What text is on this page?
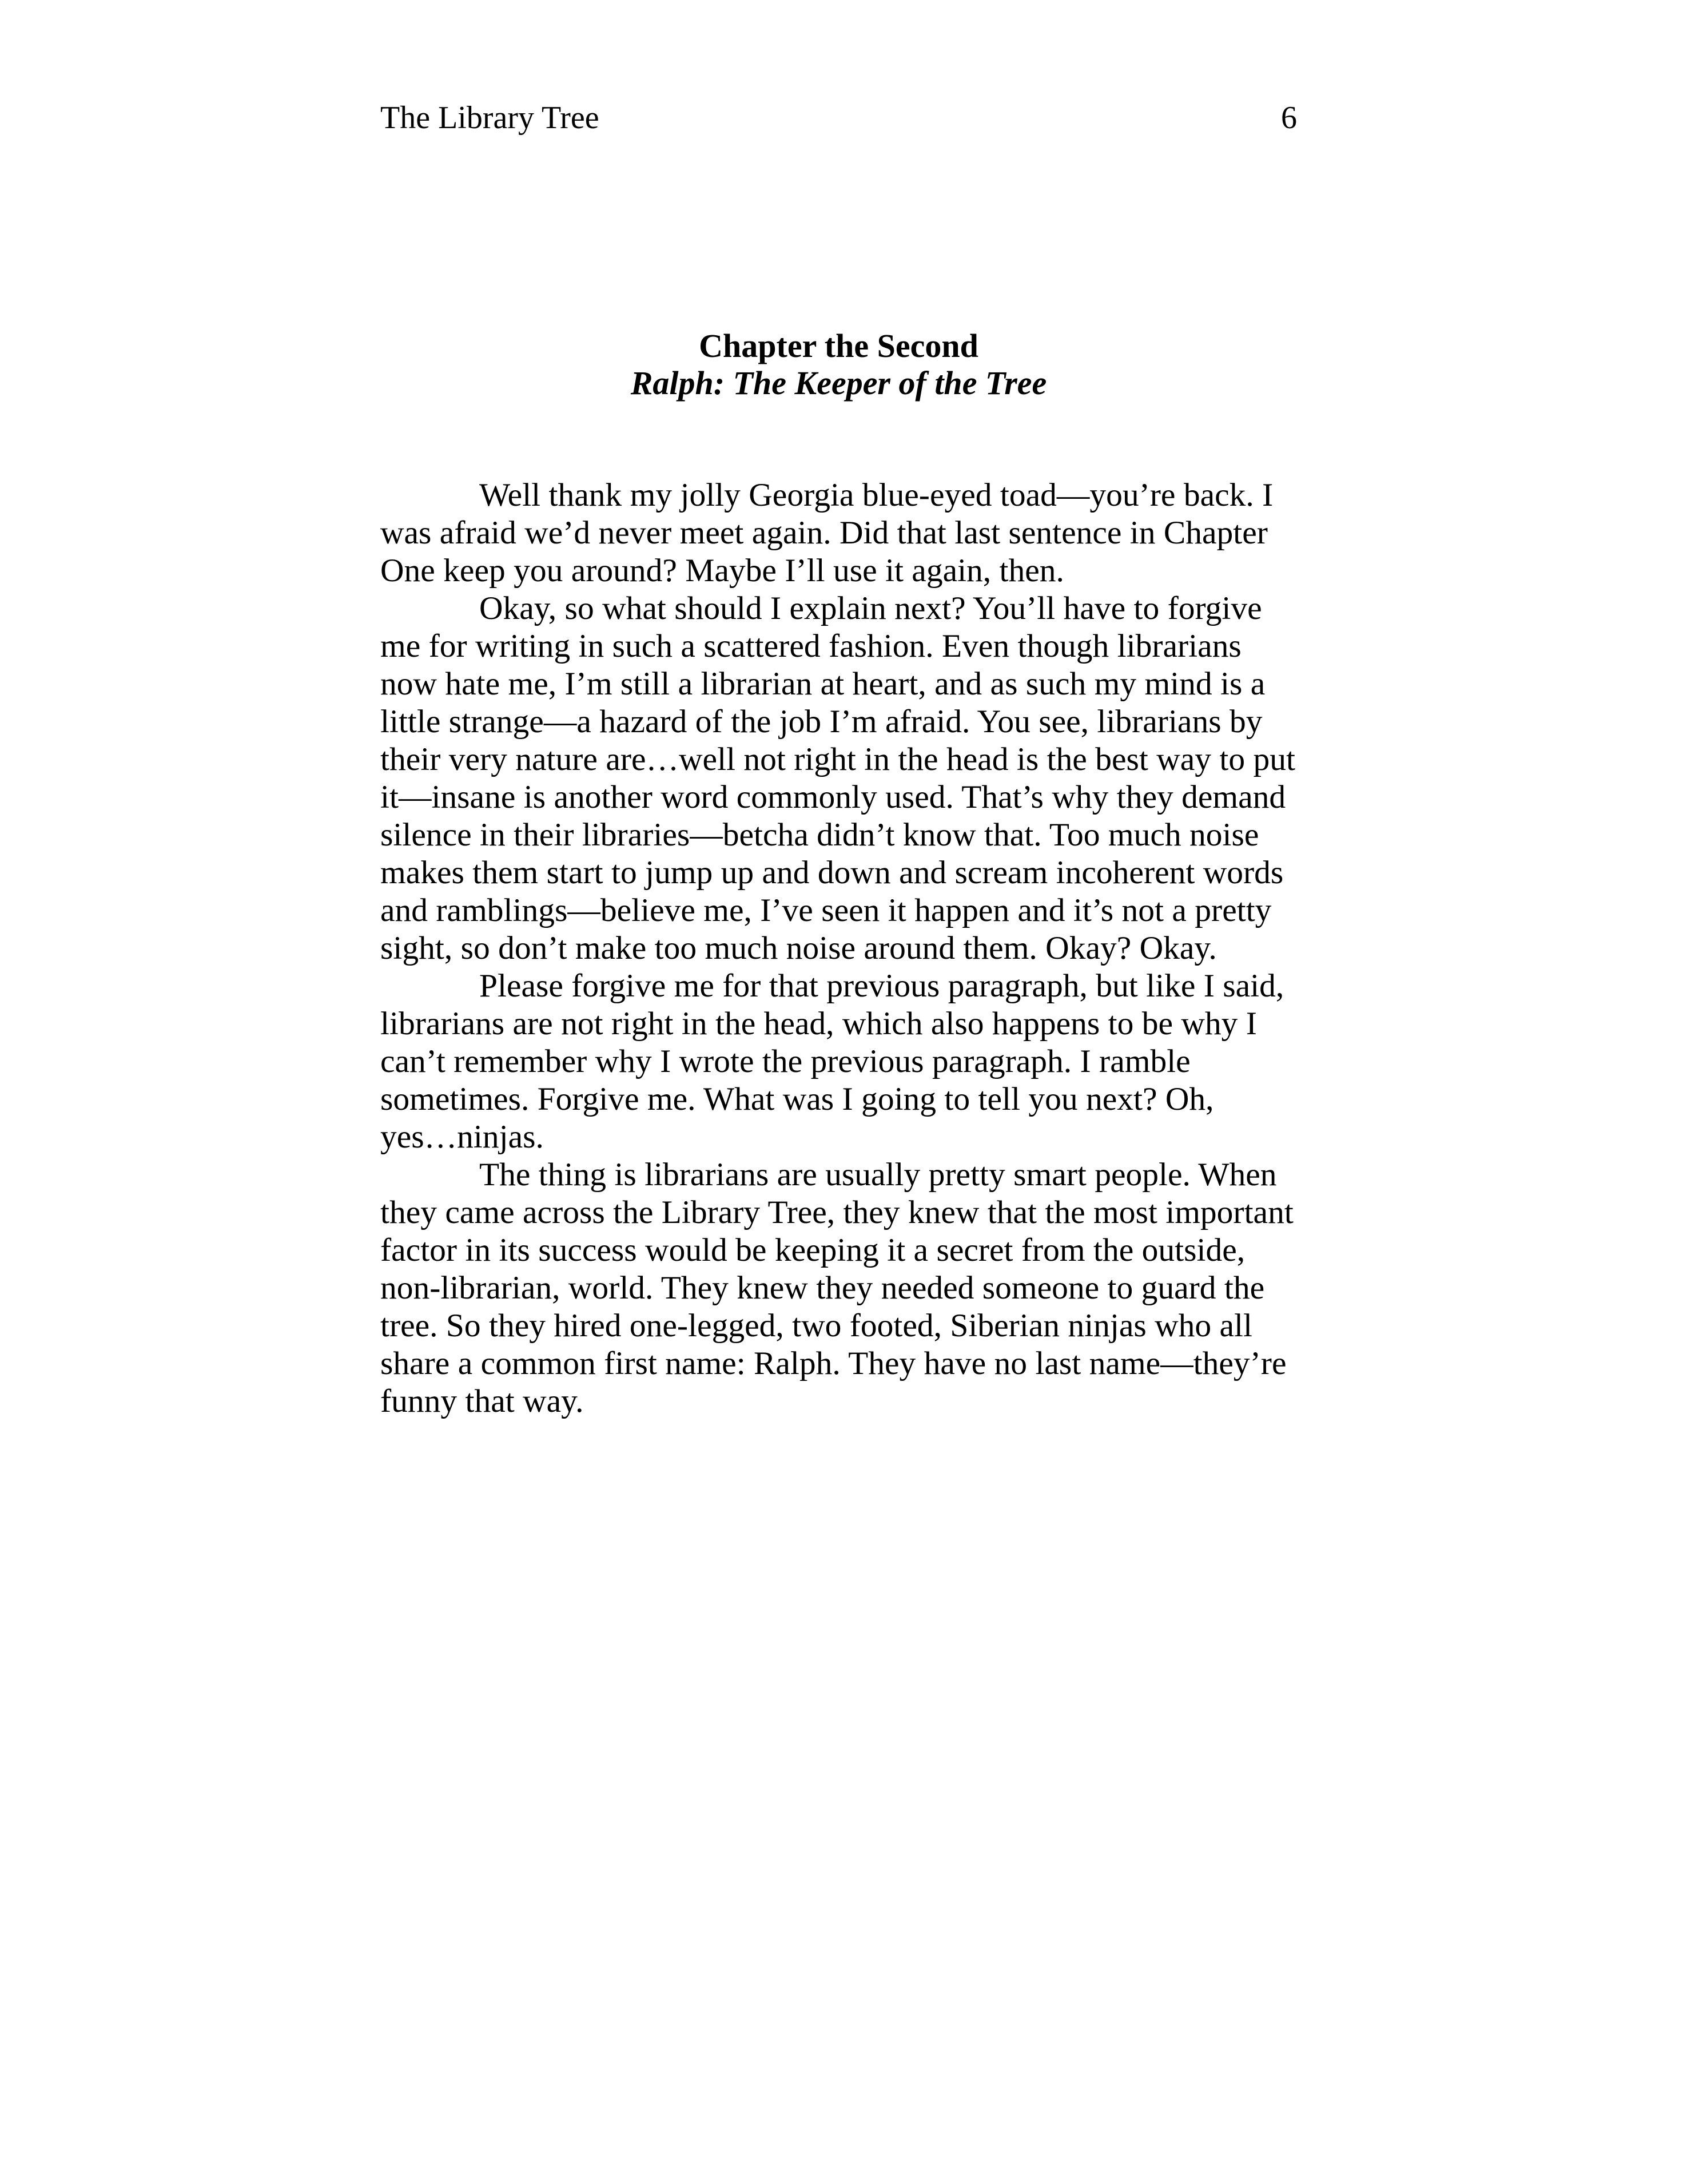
The Library Tree	6
Chapter the Second
Ralph: The Keeper of the Tree
Well thank my jolly Georgia blue-eyed toad—you’re back. I
was afraid we’d never meet again. Did that last sentence in Chapter
One keep you around? Maybe I’ll use it again, then.
Okay, so what should I explain next? You’ll have to forgive
me for writing in such a scattered fashion. Even though librarians
now hate me, I’m still a librarian at heart, and as such my mind is a
little strange—a hazard of the job I’m afraid. You see, librarians by
their very nature are…well not right in the head is the best way to put
it—insane is another word commonly used. That’s why they demand
silence in their libraries—betcha didn’t know that. Too much noise
makes them start to jump up and down and scream incoherent words
and ramblings—believe me, I’ve seen it happen and it’s not a pretty
sight, so don’t make too much noise around them. Okay? Okay.
Please forgive me for that previous paragraph, but like I said,
librarians are not right in the head, which also happens to be why I
can’t remember why I wrote the previous paragraph. I ramble
sometimes. Forgive me. What was I going to tell you next? Oh,
yes…ninjas.
The thing is librarians are usually pretty smart people. When
they came across the Library Tree, they knew that the most important
factor in its success would be keeping it a secret from the outside,
non-librarian, world. They knew they needed someone to guard the
tree. So they hired one-legged, two footed, Siberian ninjas who all
share a common first name: Ralph. They have no last name—they’re
funny that way.
